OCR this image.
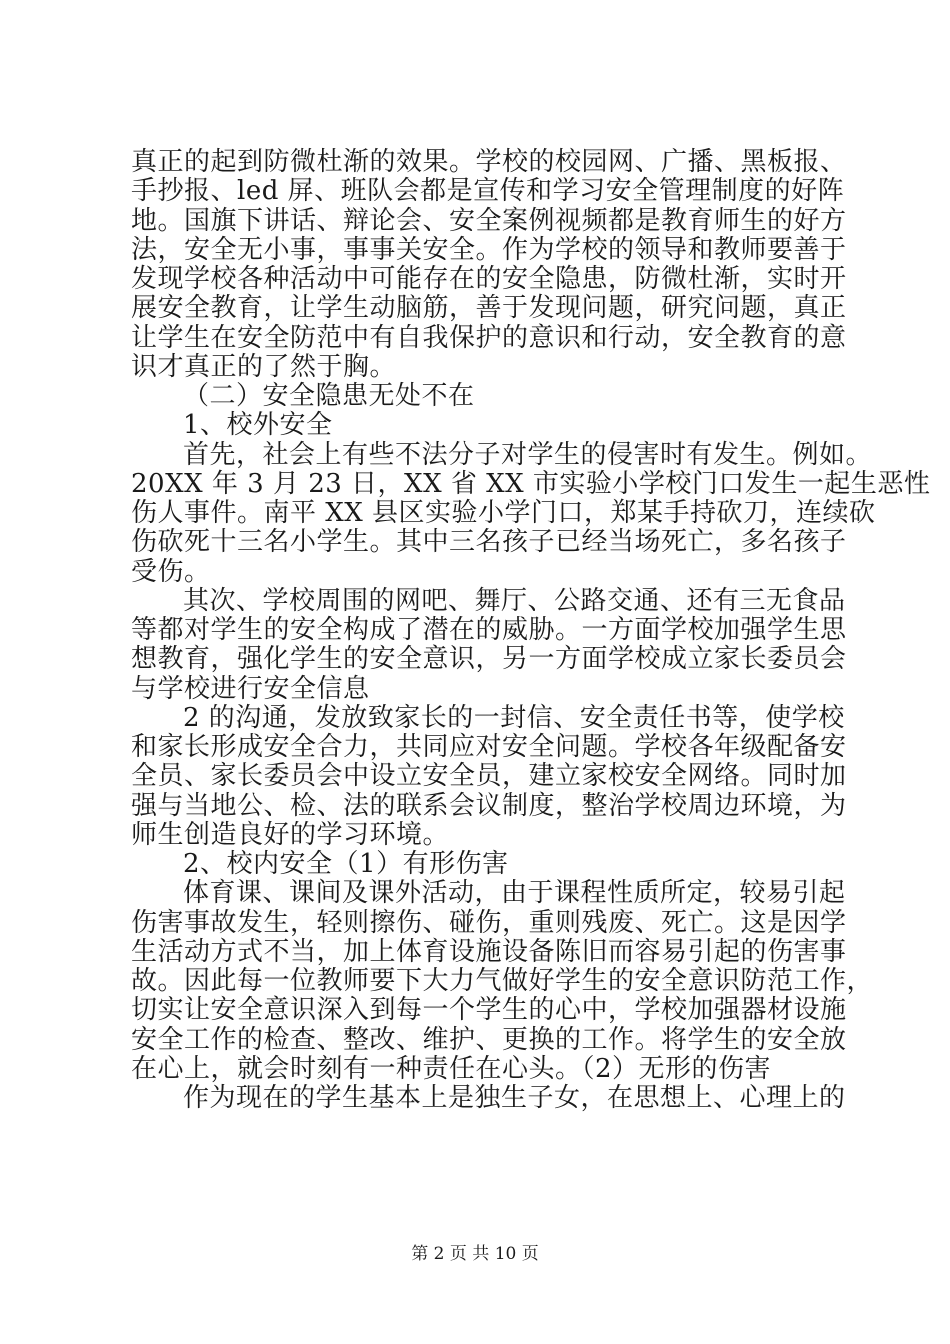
真正的起到防微杜渐的效果。学校的校园网、广播、黑板报、
手抄报、led 屏、班队会都是宣传和学习安全管理制度的好阵
地。国旗下讲话、辩论会、安全案例视频都是教育师生的好方
法，安全无小事，事事关安全。作为学校的领导和教师要善于
发现学校各种活动中可能存在的安全隐患，防微杜渐，实时开
展安全教育，让学生动脑筋，善于发现问题，研究问题，真正
让学生在安全防范中有自我保护的意识和行动，安全教育的意
识才真正的了然于胸。
（二）安全隐患无处不在
1、校外安全
首先，社会上有些不法分子对学生的侵害时有发生。例如。
20XX 年 3 月 23 日，XX 省 XX 市实验小学校门口发生一起生恶性
伤人事件。南平 XX 县区实验小学门口，郑某手持砍刀，连续砍
伤砍死十三名小学生。其中三名孩子已经当场死亡，多名孩子
受伤。
其次、学校周围的网吧、舞厅、公路交通、还有三无食品
等都对学生的安全构成了潜在的威胁。一方面学校加强学生思
想教育，强化学生的安全意识，另一方面学校成立家长委员会
与学校进行安全信息
2 的沟通，发放致家长的一封信、安全责任书等，使学校
和家长形成安全合力，共同应对安全问题。学校各年级配备安
全员、家长委员会中设立安全员，建立家校安全网络。同时加
强与当地公、检、法的联系会议制度，整治学校周边环境，为
师生创造良好的学习环境。
2、校内安全（1）有形伤害
体育课、课间及课外活动，由于课程性质所定，较易引起
伤害事故发生，轻则擦伤、碰伤，重则残废、死亡。这是因学
生活动方式不当，加上体育设施设备陈旧而容易引起的伤害事
故。因此每一位教师要下大力气做好学生的安全意识防范工作，
切实让安全意识深入到每一个学生的心中，学校加强器材设施
安全工作的检查、整改、维护、更换的工作。将学生的安全放
在心上，就会时刻有一种责任在心头。（2）无形的伤害
作为现在的学生基本上是独生子女，在思想上、心理上的
第 2 页 共 10 页
